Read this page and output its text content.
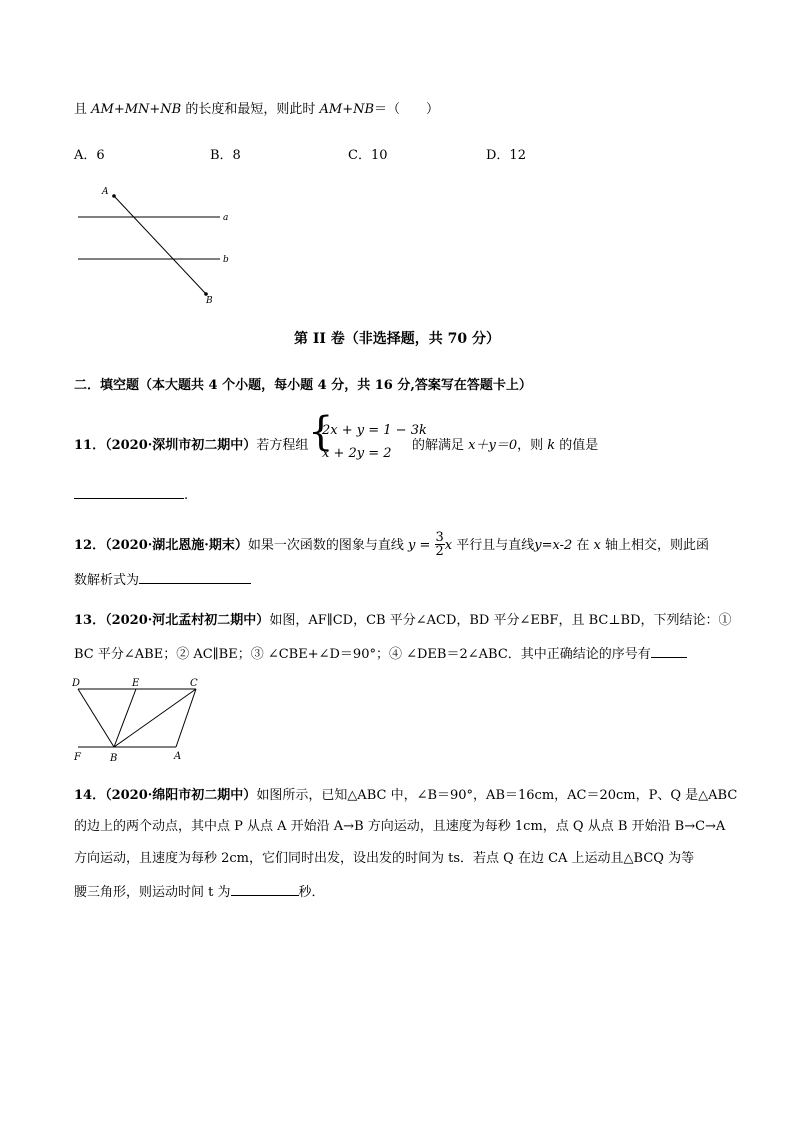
且 AM+MN+NB 的长度和最短，则此时 AM+NB＝（　　）
A．6	B．8	C．10	D．12
A
a
b
B
第 II 卷（非选择题，共 70 分）
二．填空题（本大题共 4 个小题，每小题 4 分，共 16 分,答案写在答题卡上）
11．（2020·深圳市初二期中）若方程组 {
2x + y = 1 − 3k
x + 2y = 2
的解满足 x＋y＝0，则 k 的值是
.
12．（2020·湖北恩施·期末）如果一次函数的图象与直线 $y = \frac{3}{2}$ x 平行且与直线y=x-2 在 x 轴上相交，则此函
数解析式为
13．（2020·河北孟村初二期中）如图，AF∥CD，CB 平分∠ACD，BD 平分∠EBF，且 BC⊥BD，下列结论：①
BC 平分∠ABE；② AC∥BE；③ ∠CBE+∠D＝90°；④ ∠DEB＝2∠ABC．其中正确结论的序号有
D	E	C
F	B	A
14．（2020·绵阳市初二期中）如图所示，已知△ABC 中，∠B＝90°，AB＝16cm，AC＝20cm，P、Q 是△ABC
的边上的两个动点，其中点 P 从点 A 开始沿 A→B 方向运动，且速度为每秒 1cm，点 Q 从点 B 开始沿 B→C→A
方向运动，且速度为每秒 2cm，它们同时出发，设出发的时间为 ts．若点 Q 在边 CA 上运动且△BCQ 为等
腰三角形，则运动时间 t 为	秒．
